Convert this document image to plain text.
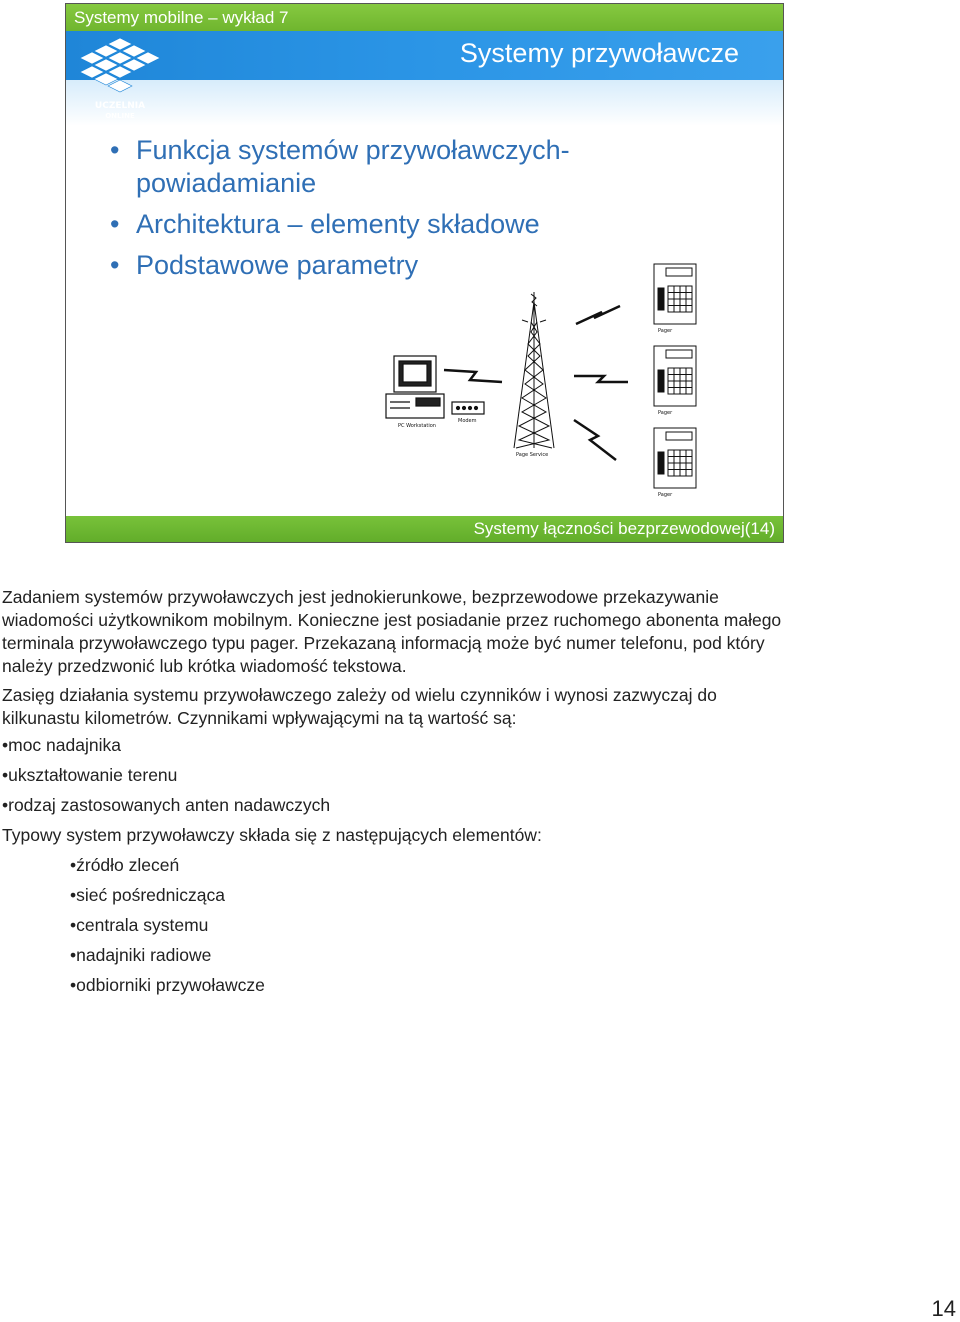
Systemy mobilne – wykład 7
Systemy przywoławcze
UCZELNIA
ONLINE
• Funkcja systemów przywoławczych-
powiadamianie
• Architektura – elementy składowe
• Podstawowe parametry
PC Workstation
Modem
Page Service
Pager
Pager
Pager
Systemy łączności bezprzewodowej(14)

Zadaniem systemów przywoławczych jest jednokierunkowe, bezprzewodowe przekazywanie

wiadomości użytkownikom mobilnym. Konieczne jest posiadanie przez ruchomego abonenta małego

terminala przywoławczego typu pager. Przekazaną informacją może być numer telefonu, pod który

należy przedzwonić lub krótka wiadomość tekstowa.

Zasięg działania systemu przywoławczego zależy od wielu czynników i wynosi zazwyczaj do

kilkunastu kilometrów. Czynnikami wpływającymi na tą wartość są:

•moc nadajnika

•ukształtowanie terenu

•rodzaj zastosowanych anten nadawczych

Typowy system przywoławczy składa się z następujących elementów:

•źródło zleceń

•sieć pośrednicząca

•centrala systemu

•nadajniki radiowe

•odbiorniki przywoławcze

14
